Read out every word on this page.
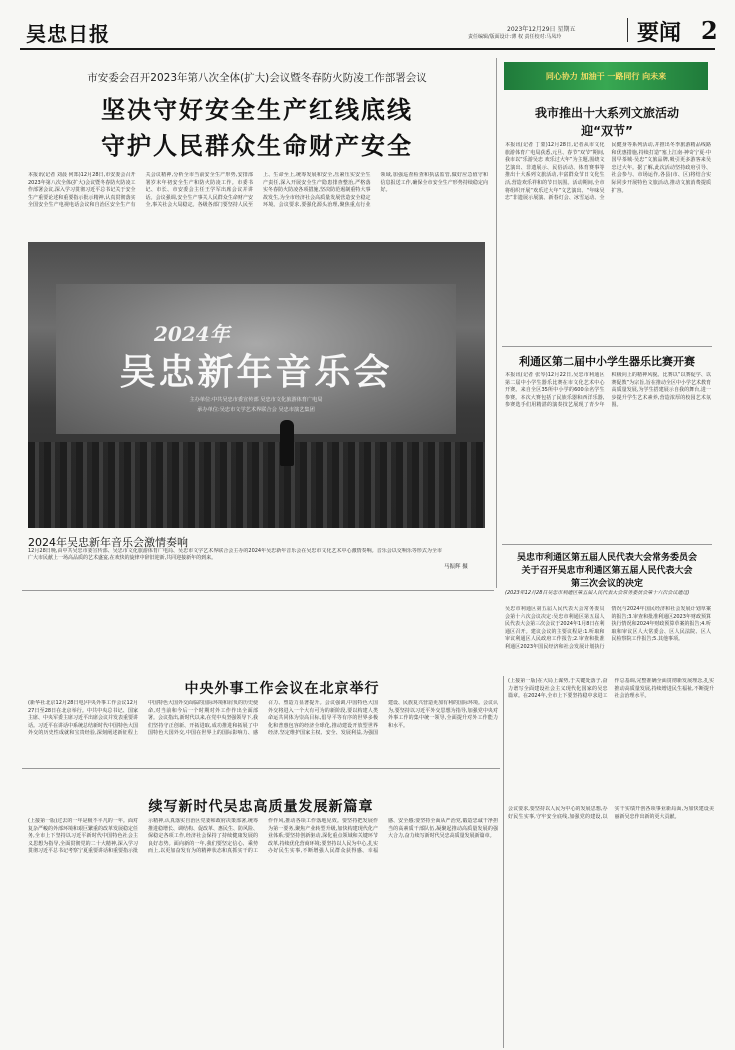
吴忠日报	2023年12月29日 星期五
责任编辑/版面设计:薄 权 责任校对:马凤玲	要闻 2
市安委会召开2023年第八次全体(扩大)会议暨冬春防火防凌工作部署会议
坚决守好安全生产红线底线
守护人民群众生命财产安全
本报讯(记者 刘晨 何郑)12月28日,市安委会召开2023年第八次全体(扩大)会议暨冬春防火防凌工作部署会议,深入学习贯彻习近平总书记关于安全生产重要论述和重要指示批示精神,认真贯彻落实全国安全生产电视电话会议和自治区安全生产有关会议精神,分析全市当前安全生产形势,安排部署岁末年初安全生产和防火防凌工作。市委书记、市长、市安委会主任王学军出席会议并讲话。会议强调,安全生产事关人民群众生命财产安全,事关社会大局稳定。各级各部门要坚持人民至上、生命至上,统筹发展和安全,压紧压实安全生产责任,深入开展安全生产隐患排查整治,严格落实冬春防火防凌各项措施,坚决防范遏制重特大事故发生,为全市经济社会高质量发展营造安全稳定环境。会议要求,要强化源头治理,聚焦重点行业领域,加强巡查检查和执法监管,做好应急值守和信息报送工作,确保全市安全生产形势持续稳定向好。
2024年
吴忠新年音乐会
主办单位:中共吴忠市委宣传部 吴忠市文化旅游体育广电局
承办单位:吴忠市文学艺术界联合会 吴忠市演艺集团
2024年吴忠新年音乐会激情奏响
12月28日晚,由中共吴忠市委宣传部、吴忠市文化旅游体育广电局、吴忠市文学艺术界联合会主办的2024年吴忠新年音乐会在吴忠市文化艺术中心激情奏响。音乐会以交响乐等形式为全市广大市民献上一场高品质的艺术盛宴,在欢快的旋律中辞旧迎新,共同迎接新年的到来。
马振辉 摄
同心协力 加油干 一路同行 向未来
我市推出十大系列文旅活动
迎“双节”
本报讯(记者 丁蒙)12月28日,记者从市文化旅游体育广电局获悉,元旦、春节“双节”期间,我市以“乐游吴忠 欢乐过大年”为主题,围绕文艺演出、非遗展示、民俗活动、体育赛事等推出十大系列文旅活动,丰富群众节日文化生活,营造欢乐祥和的节日氛围。活动期间,全市将组织开展“欢乐过大年”文艺演出、“年味吴忠”非遗展示展演、新春灯会、冰雪运动、全民健身等系列活动,并推出冬季旅游精品线路和优惠措施,持续打造“塞上江南·神奇宁夏·中国早茶城·吴忠”文旅品牌,吸引更多游客来吴忠过大年。据了解,此次活动坚持政府引导、社会参与、市场运作,各县(市、区)将结合实际同步开展特色文旅活动,推动文旅消费提质扩容。
利通区第二届中小学生器乐比赛开赛
本报讯(记者 张琴)12月22日,吴忠市利通区第二届中小学生器乐比赛在市文化艺术中心开赛。来自全区35所中小学的600余名学生参赛。本次大赛包括了民族乐器和西洋乐器,参赛选手们用精湛的演奏技艺展现了青少年积极向上的精神风貌。比赛以“以赛促学、以赛促教”为宗旨,旨在推动全区中小学艺术教育高质量发展,为学生搭建展示自我的舞台,进一步提升学生艺术素养,营造浓厚的校园艺术氛围。
吴忠市利通区第五届人民代表大会常务委员会
关于召开吴忠市利通区第五届人民代表大会
第三次会议的决定
(2023年12月28日吴忠市利通区第五届人民代表大会常务委员会第十六次会议通过)
吴忠市利通区第五届人民代表大会常务委员会第十六次会议决定:吴忠市利通区第五届人民代表大会第三次会议于2024年1月8日在利通区召开。建议会议的主要议程是:1.听取和审议利通区人民政府工作报告;2.审查和批准利通区2023年国民经济和社会发展计划执行情况与2024年国民经济和社会发展计划草案的报告;3.审查和批准利通区2023年财政预算执行情况和2024年财政预算草案的报告;4.听取和审议区人大常委会、区人民法院、区人民检察院工作报告;5.其他事项。
中央外事工作会议在北京举行
(新华社北京12月28日电)中央外事工作会议12月27日至28日在北京举行。中共中央总书记、国家主席、中央军委主席习近平出席会议并发表重要讲话。习近平在讲话中系统总结新时代中国特色大国外交的历史性成就和宝贵经验,深刻阐述新征程上中国特色大国外交面临的国际环境和肩负的历史使命,对当前和今后一个时期对外工作作出全面部署。会议指出,新时代以来,在党中央坚强领导下,我们坚持守正创新、开拓进取,成功推进和拓展了中国特色大国外交,中国在世界上的国际影响力、感召力、塑造力显著提升。会议强调,中国特色大国外交将进入一个大有可为的新阶段,要以构建人类命运共同体为崇高目标,倡导平等有序的世界多极化和普惠包容的经济全球化,推动建设开放型世界经济,坚定维护国家主权、安全、发展利益,为强国建设、民族复兴营造更加有利的国际环境。会议认为,要坚持以习近平外交思想为指导,加强党中央对外事工作的集中统一领导,全面提升对外工作能力和水平。
(上接第一版)在大局上谋势,于关键处落子,奋力谱写全面建设社会主义现代化国家的吴忠篇章。在2024年,全市上下要坚持稳中求进工作总基调,完整准确全面贯彻新发展理念,扎实推动高质量发展,持续增进民生福祉,不断提升社会治理水平。
续写新时代吴忠高质量发展新篇章
(上接第一版)过去的一年是极不平凡的一年。面对复杂严峻的外部环境和艰巨繁重的改革发展稳定任务,全市上下坚持以习近平新时代中国特色社会主义思想为指导,全面贯彻党的二十大精神,深入学习贯彻习近平总书记考察宁夏重要讲话和重要指示批示精神,认真落实自治区党委和政府决策部署,统筹推进稳增长、调结构、促改革、惠民生、防风险、保稳定各项工作,经济社会保持了持续健康发展的良好态势。面向新的一年,我们要坚定信心、乘势而上,以更加奋发有为的精神状态和真抓实干的工作作风,推动各项工作落地见效。要坚持把发展作为第一要务,聚焦产业转型升级,加快构建现代化产业体系;要坚持创新驱动,深化重点领域和关键环节改革,持续优化营商环境;要坚持以人民为中心,扎实办好民生实事,不断增强人民群众获得感、幸福感、安全感;要坚持全面从严治党,锻造忠诚干净担当的高素质干部队伍,凝聚起推动高质量发展的强大合力,奋力续写新时代吴忠高质量发展新篇章。
会议要求,要坚持以人民为中心的发展思想,办好民生实事,守牢安全底线,加强党的建设,以实干实绩开创各项事业新局面,为加快建设美丽新吴忠作出新的更大贡献。
